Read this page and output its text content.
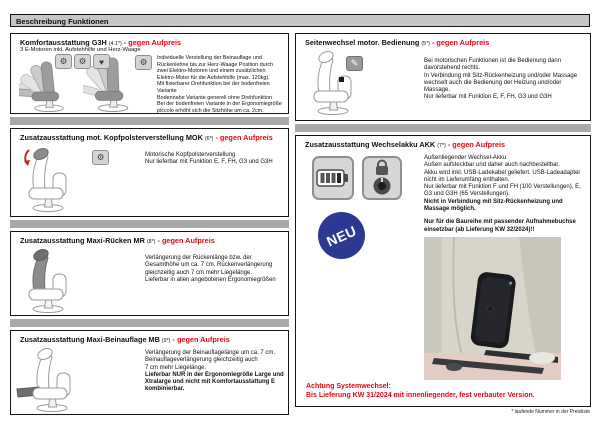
Beschreibung Funktionen
Komfortausstattung G3H (4.1*) - gegen Aufpreis
3 E-Motoren inkl. Aufstehhilfe und Herz-Waage
⚙ ⚙ ♥	⚙ Individuelle Verstellung der Beinauflage und Rückenlehne bis zur Herz-Waage Position durch zwei Elektro-Motoren und einem zusätzlichen Elektro-Motor für die Aufstehhilfe (max. 120kg).
Mit fixierbarer Drehfunktion bei der bodenfreien Variante
Bodennahe Variante generell ohne Drehfunktion
Bei der bodenfreien Variante in der Ergonomiegröße piccolo erhöht sich die Sitzhöhe um ca. 2cm.
Zusatzausstattung mot. Kopfpolsterverstellung MOK (6*) - gegen Aufpreis
⚙	Motorische Kopfpolsterverstellung
Nur lieferbar mit Funktion E, F, FH, G3 und G3H
Zusatzausstattung Maxi-Rücken MR (8*) - gegen Aufpreis
Verlängerung der Rückenlänge bzw. der Gesamthöhe um ca. 7 cm. Rückenverlängerung gleichzeitig auch 7 cm mehr Liegelänge.
Lieferbar in allen angebotenen Ergonomiegrößen
Zusatzausstattung Maxi-Beinauflage MB (9*) - gegen Aufpreis
Verlängerung der Beinauflagelänge um ca. 7 cm.
Beinauflageverlängerung gleichzeitig auch
7 cm mehr Liegelänge.
Lieferbar NUR in der Ergonomiegröße Large und Xtralarge und nicht mit Komfortausstattung E kombinierbar.
Seitenwechsel motor. Bedienung (5*) - gegen Aufpreis
✎	Bei motorischen Funktionen ist die Bedienung dann davorstehend rechts.
In Verbindung mit Sitz-Rückenheizung und/oder Massage wechselt auch die Bedienung der Heizung und/oder Massage.
Nur lieferbar mit Funktion E, F, FH, G3 und G3H
Zusatzausstattung Wechselakku AKK (7*) - gegen Aufpreis
NEU
Außenliegender Wechsel-Akku
Außen aufsteckbar und daher auch nachbestellbar.
Akku wird inkl. USB-Ladekabel geliefert. USB-Ladeadapter nicht im Lieferumfang enthalten.
Nur lieferbar mit Funktion F und FH (100 Verstellungen), E, G3 und G3H (65 Verstellungen).
Nicht in Verbindung mit Sitz-Rückenheizung und Massage möglich.
Nur für die Baureihe mit passender Aufnahmebuchse einsetzbar (ab Lieferung KW 32/2024)!!
Achtung Systemwechsel:
Bis Lieferung KW 31/2024 mit innenliegender, fest verbauter Version.
* laufende Nummer in der Preisliste
